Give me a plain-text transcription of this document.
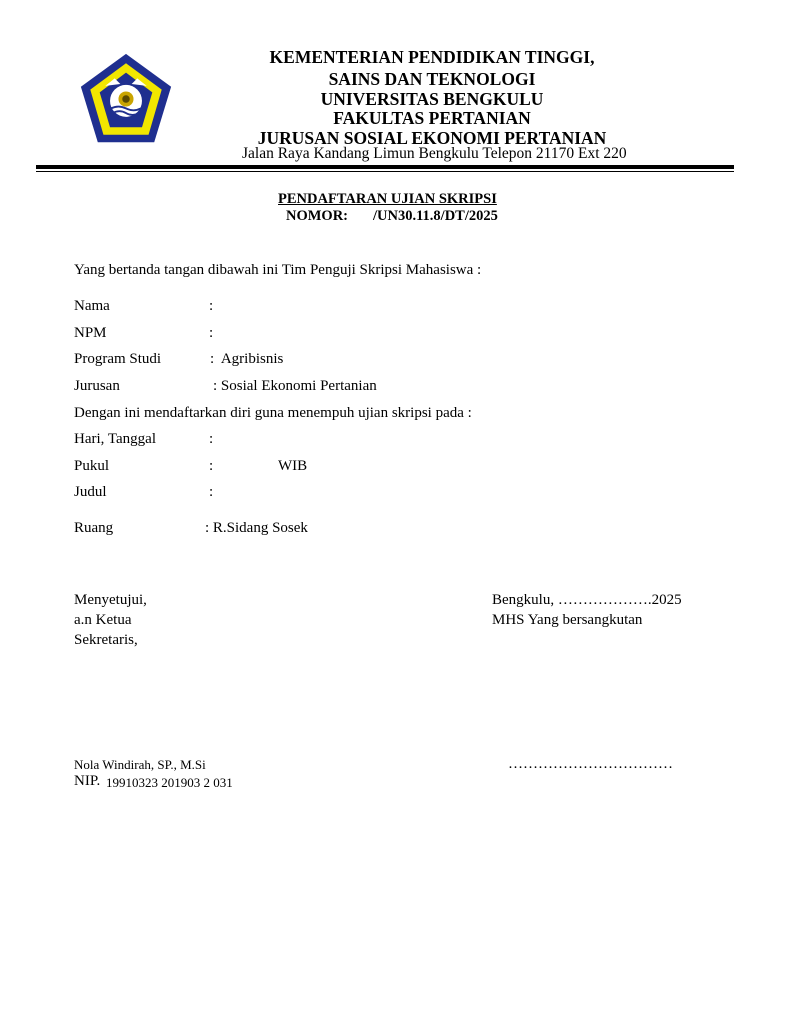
KEMENTERIAN PENDIDIKAN TINGGI,
SAINS DAN TEKNOLOGI
UNIVERSITAS BENGKULU
FAKULTAS PERTANIAN
JURUSAN SOSIAL EKONOMI PERTANIAN
Jalan Raya Kandang Limun Bengkulu Telepon 21170 Ext 220
PENDAFTARAN UJIAN SKRIPSI
NOMOR: /UN30.11.8/DT/2025
Yang bertanda tangan dibawah ini Tim Penguji Skripsi Mahasiswa :
Nama	:
NPM	:
Program Studi	:  Agribisnis
Jurusan	: Sosial Ekonomi Pertanian
Dengan ini mendaftarkan diri guna menempuh ujian skripsi pada :
Hari, Tanggal	:
Pukul	:	WIB
Judul	:
Ruang	: R.Sidang Sosek
Menyetujui,
a.n Ketua
Sekretaris,
Bengkulu, ……………….2025
MHS Yang bersangkutan
Nola Windirah, SP., M.Si
NIP. 19910323 201903 2 031
……………………………
